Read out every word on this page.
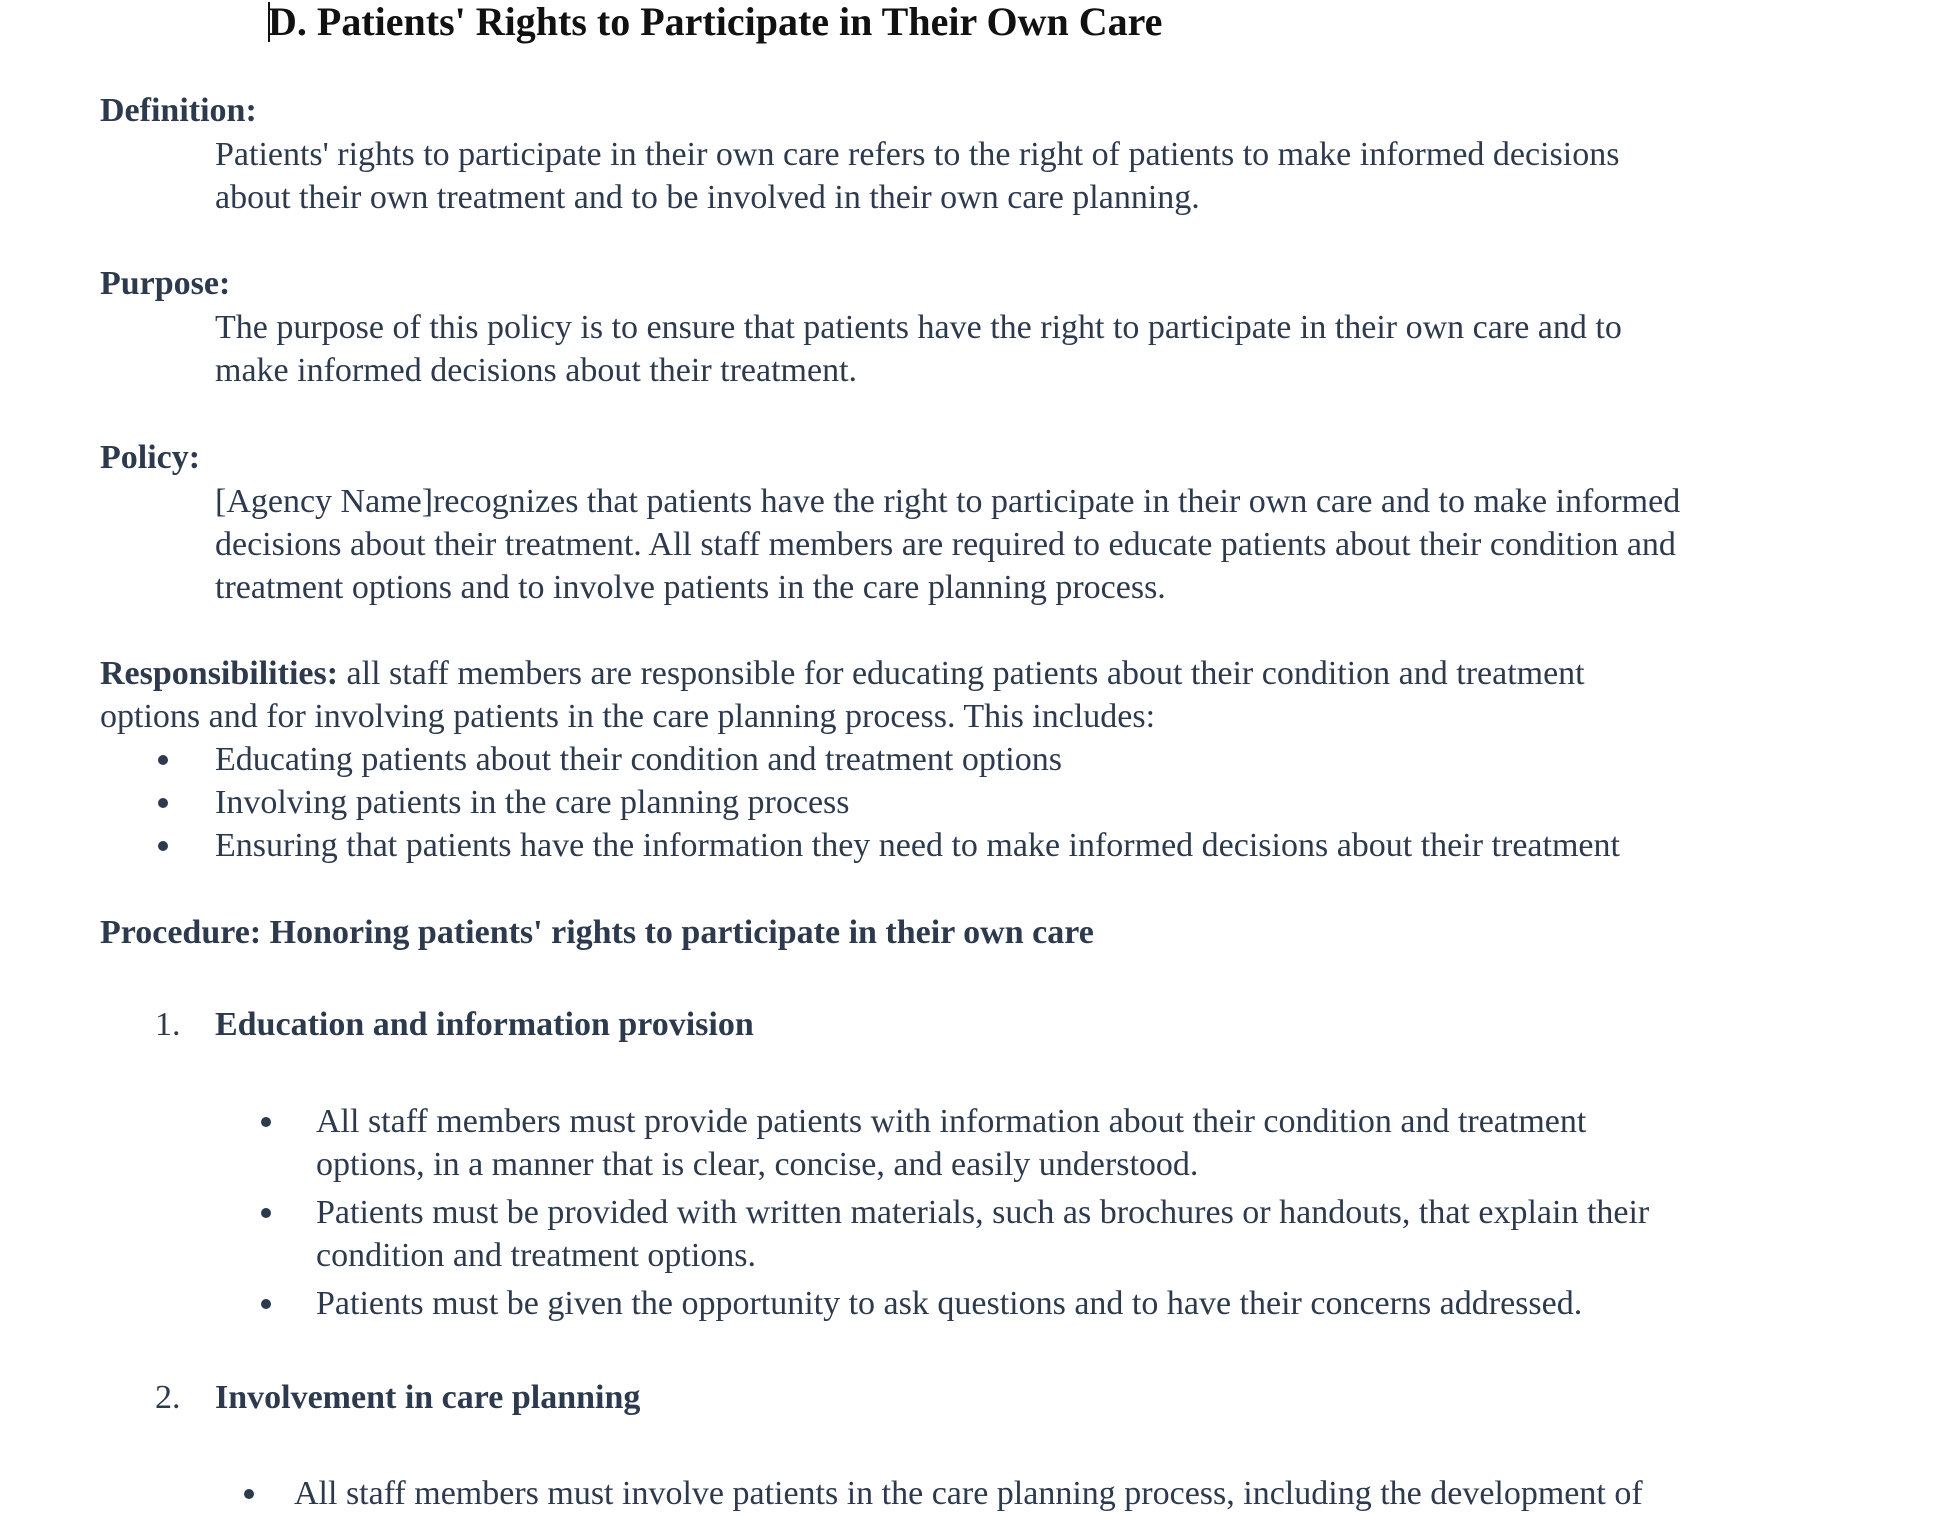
D. Patients' Rights to Participate in Their Own Care
Definition:
Patients' rights to participate in their own care refers to the right of patients to make informed decisions
about their own treatment and to be involved in their own care planning.
Purpose:
The purpose of this policy is to ensure that patients have the right to participate in their own care and to
make informed decisions about their treatment.
Policy:
[Agency Name]recognizes that patients have the right to participate in their own care and to make informed
decisions about their treatment. All staff members are required to educate patients about their condition and
treatment options and to involve patients in the care planning process.
Responsibilities: all staff members are responsible for educating patients about their condition and treatment
options and for involving patients in the care planning process. This includes:
Educating patients about their condition and treatment options
Involving patients in the care planning process
Ensuring that patients have the information they need to make informed decisions about their treatment
Procedure: Honoring patients' rights to participate in their own care
1. Education and information provision
All staff members must provide patients with information about their condition and treatment
options, in a manner that is clear, concise, and easily understood.
Patients must be provided with written materials, such as brochures or handouts, that explain their
condition and treatment options.
Patients must be given the opportunity to ask questions and to have their concerns addressed.
2. Involvement in care planning
All staff members must involve patients in the care planning process, including the development of
